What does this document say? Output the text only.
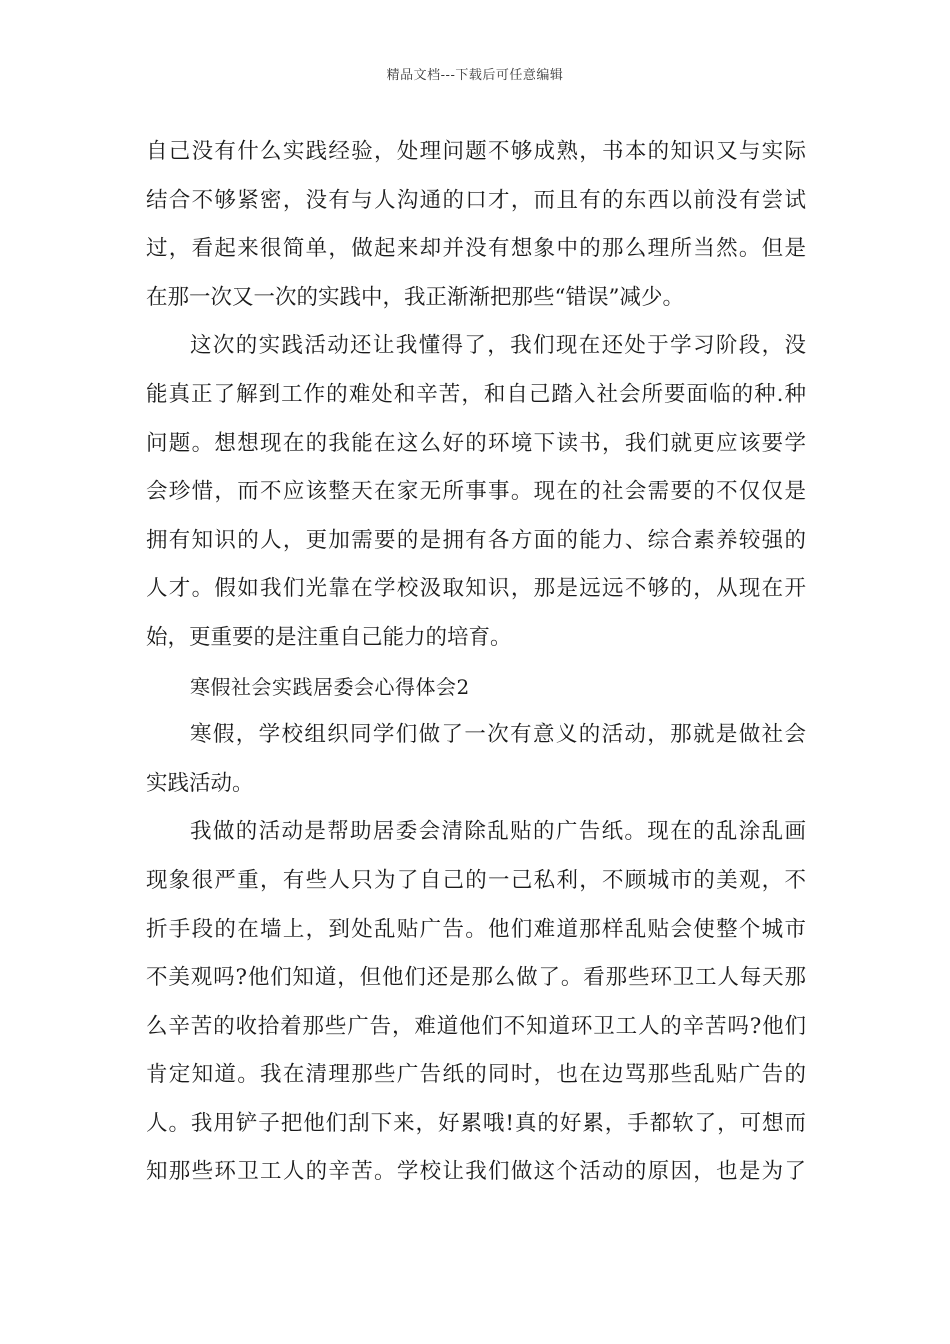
精品文档---下载后可任意编辑
自己没有什么实践经验，处理问题不够成熟，书本的知识又与实际
结合不够紧密，没有与人沟通的口才，而且有的东西以前没有尝试
过，看起来很简单，做起来却并没有想象中的那么理所当然。但是
在那一次又一次的实践中，我正渐渐把那些“错误”减少。
这次的实践活动还让我懂得了，我们现在还处于学习阶段，没
能真正了解到工作的难处和辛苦，和自己踏入社会所要面临的种.种
问题。想想现在的我能在这么好的环境下读书，我们就更应该要学
会珍惜，而不应该整天在家无所事事。现在的社会需要的不仅仅是
拥有知识的人，更加需要的是拥有各方面的能力、综合素养较强的
人才。假如我们光靠在学校汲取知识，那是远远不够的，从现在开
始，更重要的是注重自己能力的培育。
寒假社会实践居委会心得体会2
寒假，学校组织同学们做了一次有意义的活动，那就是做社会
实践活动。
我做的活动是帮助居委会清除乱贴的广告纸。现在的乱涂乱画
现象很严重，有些人只为了自己的一己私利，不顾城市的美观，不
折手段的在墙上，到处乱贴广告。他们难道那样乱贴会使整个城市
不美观吗?他们知道，但他们还是那么做了。看那些环卫工人每天那
么辛苦的收拾着那些广告，难道他们不知道环卫工人的辛苦吗?他们
肯定知道。我在清理那些广告纸的同时，也在边骂那些乱贴广告的
人。我用铲子把他们刮下来，好累哦!真的好累，手都软了，可想而
知那些环卫工人的辛苦。学校让我们做这个活动的原因，也是为了
